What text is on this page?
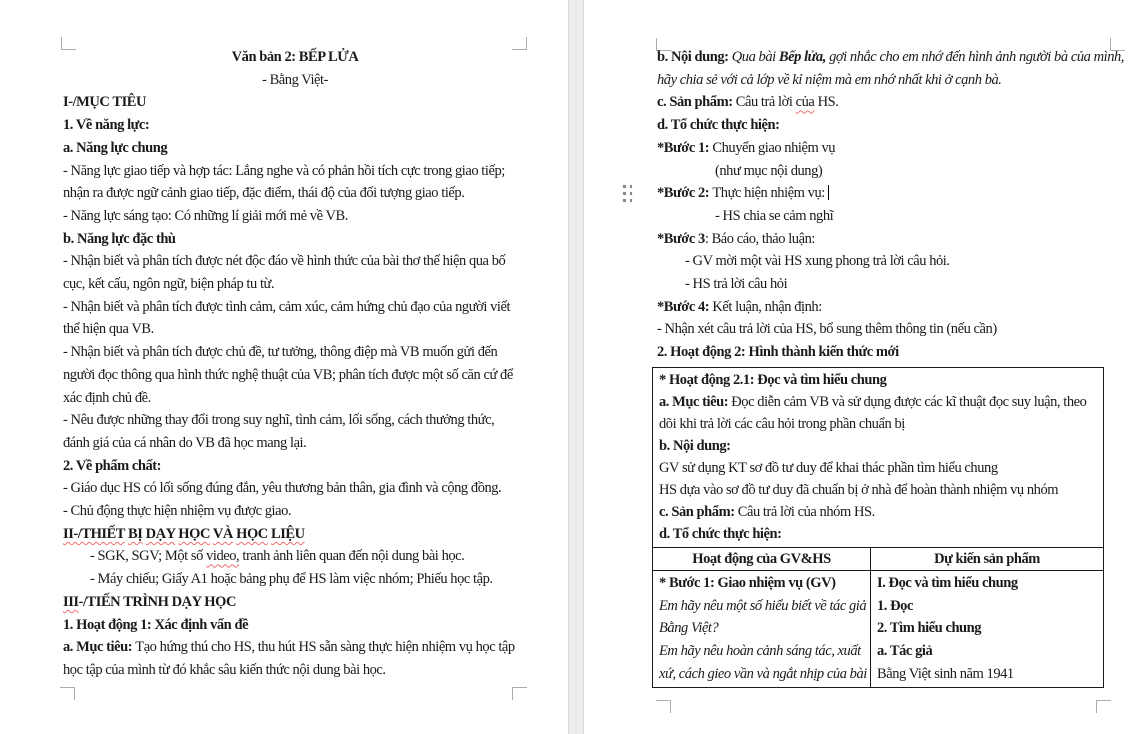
Văn bản 2: BẾP LỬA
- Bằng Việt-
I-/MỤC TIÊU
1. Về năng lực:
a. Năng lực chung
- Năng lực giao tiếp và hợp tác: Lắng nghe và có phản hồi tích cực trong giao tiếp;
nhận ra được ngữ cảnh giao tiếp, đặc điểm, thái độ của đối tượng giao tiếp.
- Năng lực sáng tạo: Có những lí giải mới mẻ về VB.
b. Năng lực đặc thù
- Nhận biết và phân tích được nét độc đáo về hình thức của bài thơ thể hiện qua bố
cục, kết cấu, ngôn ngữ, biện pháp tu từ.
- Nhận biết và phân tích được tình cảm, cảm xúc, cảm hứng chủ đạo của người viết
thể hiện qua VB.
- Nhận biết và phân tích được chủ đề, tư tưởng, thông điệp mà VB muốn gửi đến
người đọc thông qua hình thức nghệ thuật của VB; phân tích được một số căn cứ để
xác định chủ đề.
- Nêu được những thay đổi trong suy nghĩ, tình cảm, lối sống, cách thưởng thức,
đánh giá của cá nhân do VB đã học mang lại.
2. Về phẩm chất:
- Giáo dục HS có lối sống đúng đắn, yêu thương bản thân, gia đình và cộng đồng.
- Chủ động thực hiện nhiệm vụ được giao.
II-/THIẾT BỊ DẠY HỌC VÀ HỌC LIỆU
- SGK, SGV; Một số video, tranh ảnh liên quan đến nội dung bài học.
- Máy chiếu; Giấy A1 hoặc bảng phụ để HS làm việc nhóm; Phiếu học tập.
III-/TIẾN TRÌNH DẠY HỌC
1. Hoạt động 1: Xác định vấn đề
a. Mục tiêu: Tạo hứng thú cho HS, thu hút HS sẵn sàng thực hiện nhiệm vụ học tập
học tập của mình từ đó khắc sâu kiến thức nội dung bài học.
b. Nội dung: Qua bài Bếp lửa, gợi nhắc cho em nhớ đến hình ảnh người bà của mình,
hãy chia sẻ với cả lớp về kỉ niệm mà em nhớ nhất khi ở cạnh bà.
c. Sản phẩm: Câu trả lời của HS.
d. Tổ chức thực hiện:
*Bước 1: Chuyển giao nhiệm vụ
(như mục nội dung)
*Bước 2: Thực hiện nhiệm vụ:
- HS chia se cảm nghĩ
*Bước 3: Báo cáo, thảo luận:
- GV mời một vài HS xung phong trả lời câu hỏi.
- HS trả lời câu hỏi
*Bước 4: Kết luận, nhận định:
- Nhận xét câu trả lời của HS, bổ sung thêm thông tin (nếu cần)
2. Hoạt động 2: Hình thành kiến thức mới
* Hoạt động 2.1: Đọc và tìm hiểu chung
a. Mục tiêu: Đọc diễn cảm VB và sử dụng được các kĩ thuật đọc suy luận, theo
dõi khi trả lời các câu hỏi trong phần chuẩn bị
b. Nội dung:
GV sử dụng KT sơ đồ tư duy để khai thác phần tìm hiểu chung
HS dựa vào sơ đồ tư duy đã chuẩn bị ở nhà để hoàn thành nhiệm vụ nhóm
c. Sản phẩm: Câu trả lời của nhóm HS.
d. Tổ chức thực hiện:
Hoạt động của GV&HS	Dự kiến sản phẩm
* Bước 1: Giao nhiệm vụ (GV)
Em hãy nêu một số hiểu biết về tác giả
Bằng Việt?
Em hãy nêu hoàn cảnh sáng tác, xuất
xứ, cách gieo vần và ngắt nhịp của bài
I. Đọc và tìm hiểu chung
1. Đọc
2. Tìm hiểu chung
a. Tác giả
Bằng Việt sinh năm 1941
